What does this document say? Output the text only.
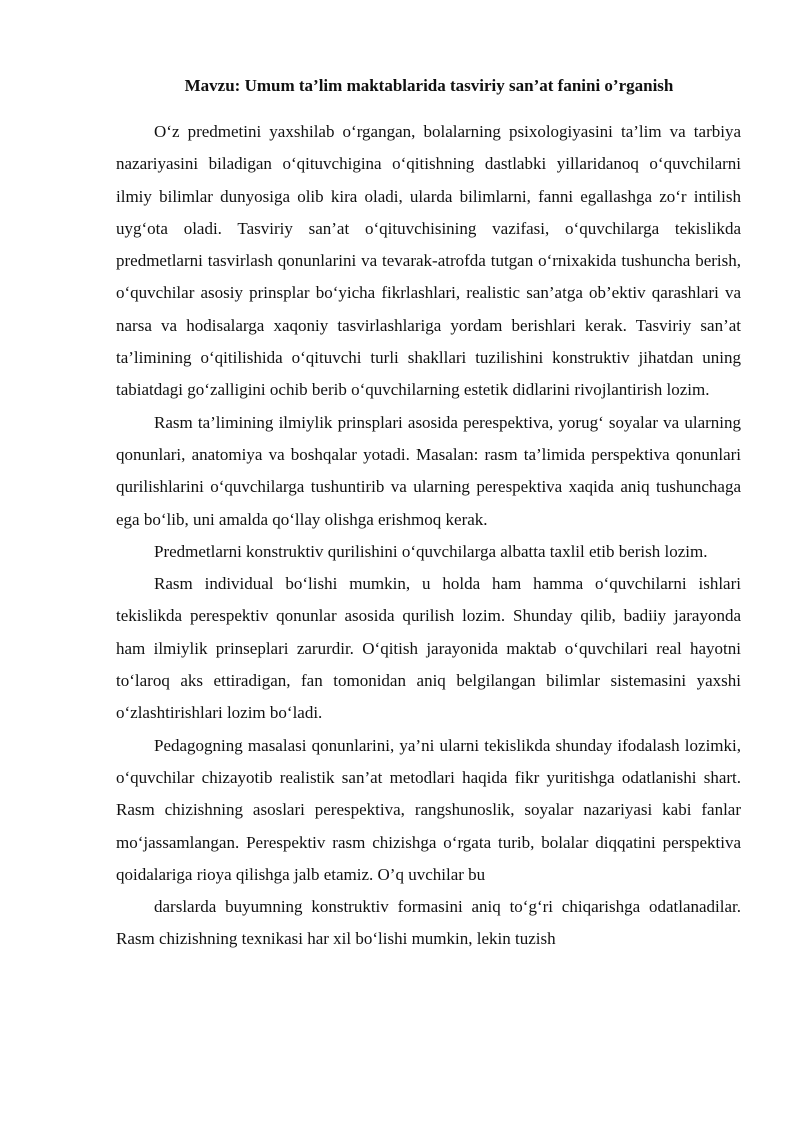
Mavzu: Umum ta’lim maktablarida tasviriy san’at fanini o’rganish

O‘z predmetini yaxshilab o‘rgangan, bolalarning psixologiyasini ta’lim va tarbiya nazariyasini biladigan o‘qituvchigina o‘qitishning dastlabki yillaridanoq o‘quvchilarni ilmiy bilimlar dunyosiga olib kira oladi, ularda bilimlarni, fanni egallashga zo‘r intilish uyg‘ota oladi. Tasviriy san’at o‘qituvchisining vazifasi, o‘quvchilarga tekislikda predmetlarni tasvirlash qonunlarini va tevarak-atrofda tutgan o‘rnixakida tushuncha berish, o‘quvchilar asosiy prinsplar bo‘yicha fikrlashlari, realistic san’atga ob’ektiv qarashlari va narsa va hodisalarga xaqoniy tasvirlashlariga yordam berishlari kerak. Tasviriy san’at ta’limining o‘qitilishida o‘qituvchi turli shakllari tuzilishini konstruktiv jihatdan uning tabiatdagi go‘zalligini ochib berib o‘quvchilarning estetik didlarini rivojlantirish lozim.

Rasm ta’limining ilmiylik prinsplari asosida perespektiva, yorug‘ soyalar va ularning qonunlari, anatomiya va boshqalar yotadi. Masalan: rasm ta’limida perspektiva qonunlari qurilishlarini o‘quvchilarga tushuntirib va ularning perespektiva xaqida aniq tushunchaga ega bo‘lib, uni amalda qo‘llay olishga erishmoq kerak.

Predmetlarni konstruktiv qurilishini o‘quvchilarga albatta taxlil etib berish lozim.

Rasm individual bo‘lishi mumkin, u holda ham hamma o‘quvchilarni ishlari tekislikda perespektiv qonunlar asosida qurilish lozim. Shunday qilib, badiiy jarayonda ham ilmiylik prinseplari zarurdir. O‘qitish jarayonida maktab o‘quvchilari real hayotni to‘laroq aks ettiradigan, fan tomonidan aniq belgilangan bilimlar sistemasini yaxshi o‘zlashtirishlari lozim bo‘ladi.

Pedagogning masalasi qonunlarini, ya’ni ularni tekislikda shunday ifodalash lozimki, o‘quvchilar chizayotib realistik san’at metodlari haqida fikr yuritishga odatlanishi shart. Rasm chizishning asoslari perespektiva, rangshunoslik, soyalar nazariyasi kabi fanlar mo‘jassamlangan. Perespektiv rasm chizishga o‘rgata turib, bolalar diqqatini perspektiva qoidalariga rioya qilishga jalb etamiz. O’q uvchilar bu

darslarda buyumning konstruktiv formasini aniq to‘g‘ri chiqarishga odatlanadilar. Rasm chizishning texnikasi har xil bo‘lishi mumkin, lekin tuzish
